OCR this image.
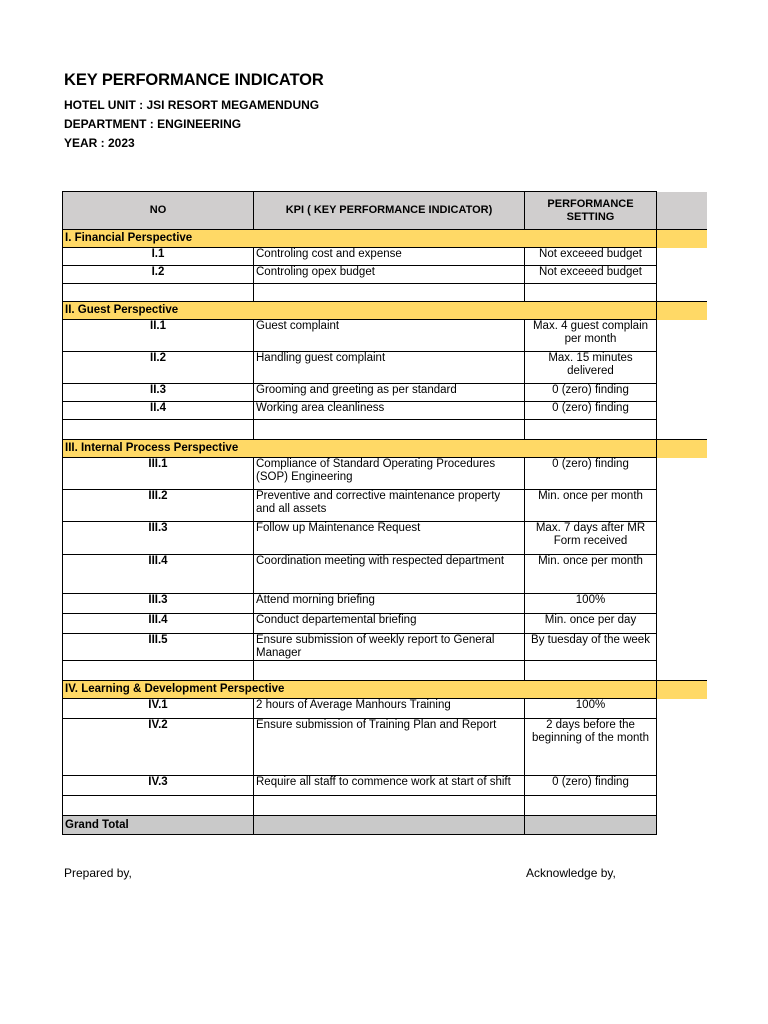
KEY PERFORMANCE INDICATOR
HOTEL UNIT : JSI RESORT MEGAMENDUNG
DEPARTMENT : ENGINEERING
YEAR : 2023
NO	KPI ( KEY PERFORMANCE INDICATOR)	PERFORMANCE SETTING	
I. Financial Perspective			
I.1	Controling cost and expense	Not exceeed budget	
I.2	Controling opex budget	Not exceeed budget	

II. Guest Perspective			
II.1	Guest complaint	Max. 4 guest complain per month	
II.2	Handling guest complaint	Max. 15 minutes delivered	
II.3	Grooming and greeting as per standard	0 (zero) finding	
II.4	Working area cleanliness	0 (zero) finding	

III. Internal Process Perspective			
III.1	Compliance of Standard Operating Procedures (SOP) Engineering	0 (zero) finding	
III.2	Preventive and corrective maintenance property and all assets	Min. once per month	
III.3	Follow up Maintenance Request	Max. 7 days after MR Form received	
III.4	Coordination meeting with respected department	Min. once per month	
III.3	Attend morning briefing	100%	
III.4	Conduct departemental briefing	Min. once per day	
III.5	Ensure submission of weekly report to General Manager	By tuesday of the week	

IV. Learning & Development Perspective			
IV.1	2 hours of Average Manhours Training	100%	
IV.2	Ensure submission of Training Plan and Report	2 days before the beginning of the month	
IV.3	Require all staff to commence work at start of shift	0 (zero) finding	

Grand Total			
Prepared by,	Acknowledge by,
